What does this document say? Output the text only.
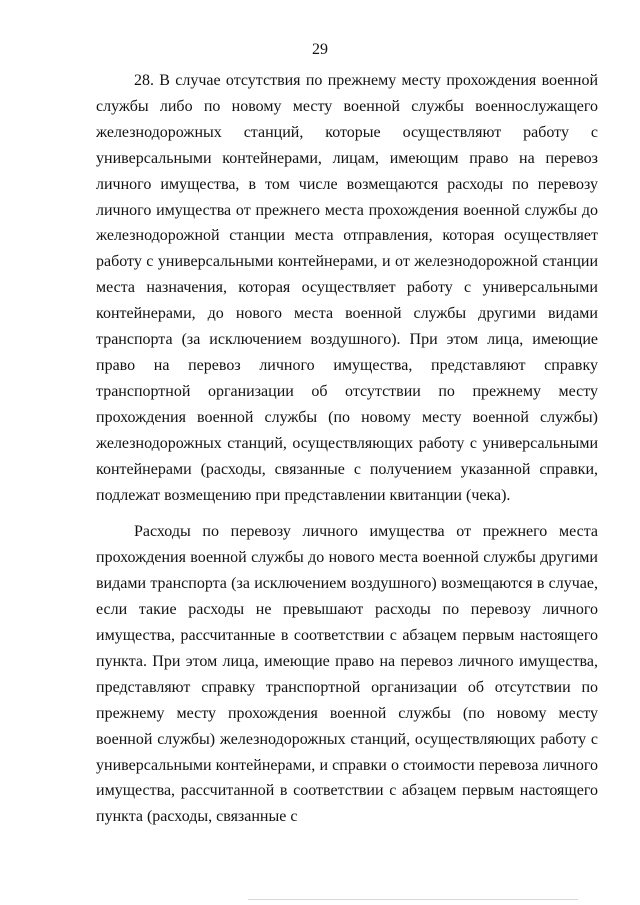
29

28. В случае отсутствия по прежнему месту прохождения военной службы либо по новому месту военной службы военнослужащего железнодорожных станций, которые осуществляют работу с универсальными контейнерами, лицам, имеющим право на перевоз личного имущества, в том числе возмещаются расходы по перевозу личного имущества от прежнего места прохождения военной службы до железнодорожной станции места отправления, которая осуществляет работу с универсальными контейнерами, и от железнодорожной станции места назначения, которая осуществляет работу с универсальными контейнерами, до нового места военной службы другими видами транспорта (за исключением воздушного). При этом лица, имеющие право на перевоз личного имущества, представляют справку транспортной организации об отсутствии по прежнему месту прохождения военной службы (по новому месту военной службы) железнодорожных станций, осуществляющих работу с универсальными контейнерами (расходы, связанные с получением указанной справки, подлежат возмещению при представлении квитанции (чека).

Расходы по перевозу личного имущества от прежнего места прохождения военной службы до нового места военной службы другими видами транспорта (за исключением воздушного) возмещаются в случае, если такие расходы не превышают расходы по перевозу личного имущества, рассчитанные в соответствии с абзацем первым настоящего пункта. При этом лица, имеющие право на перевоз личного имущества, представляют справку транспортной организации об отсутствии по прежнему месту прохождения военной службы (по новому месту военной службы) железнодорожных станций, осуществляющих работу с универсальными контейнерами, и справки о стоимости перевоза личного имущества, рассчитанной в соответствии с абзацем первым настоящего пункта (расходы, связанные с
